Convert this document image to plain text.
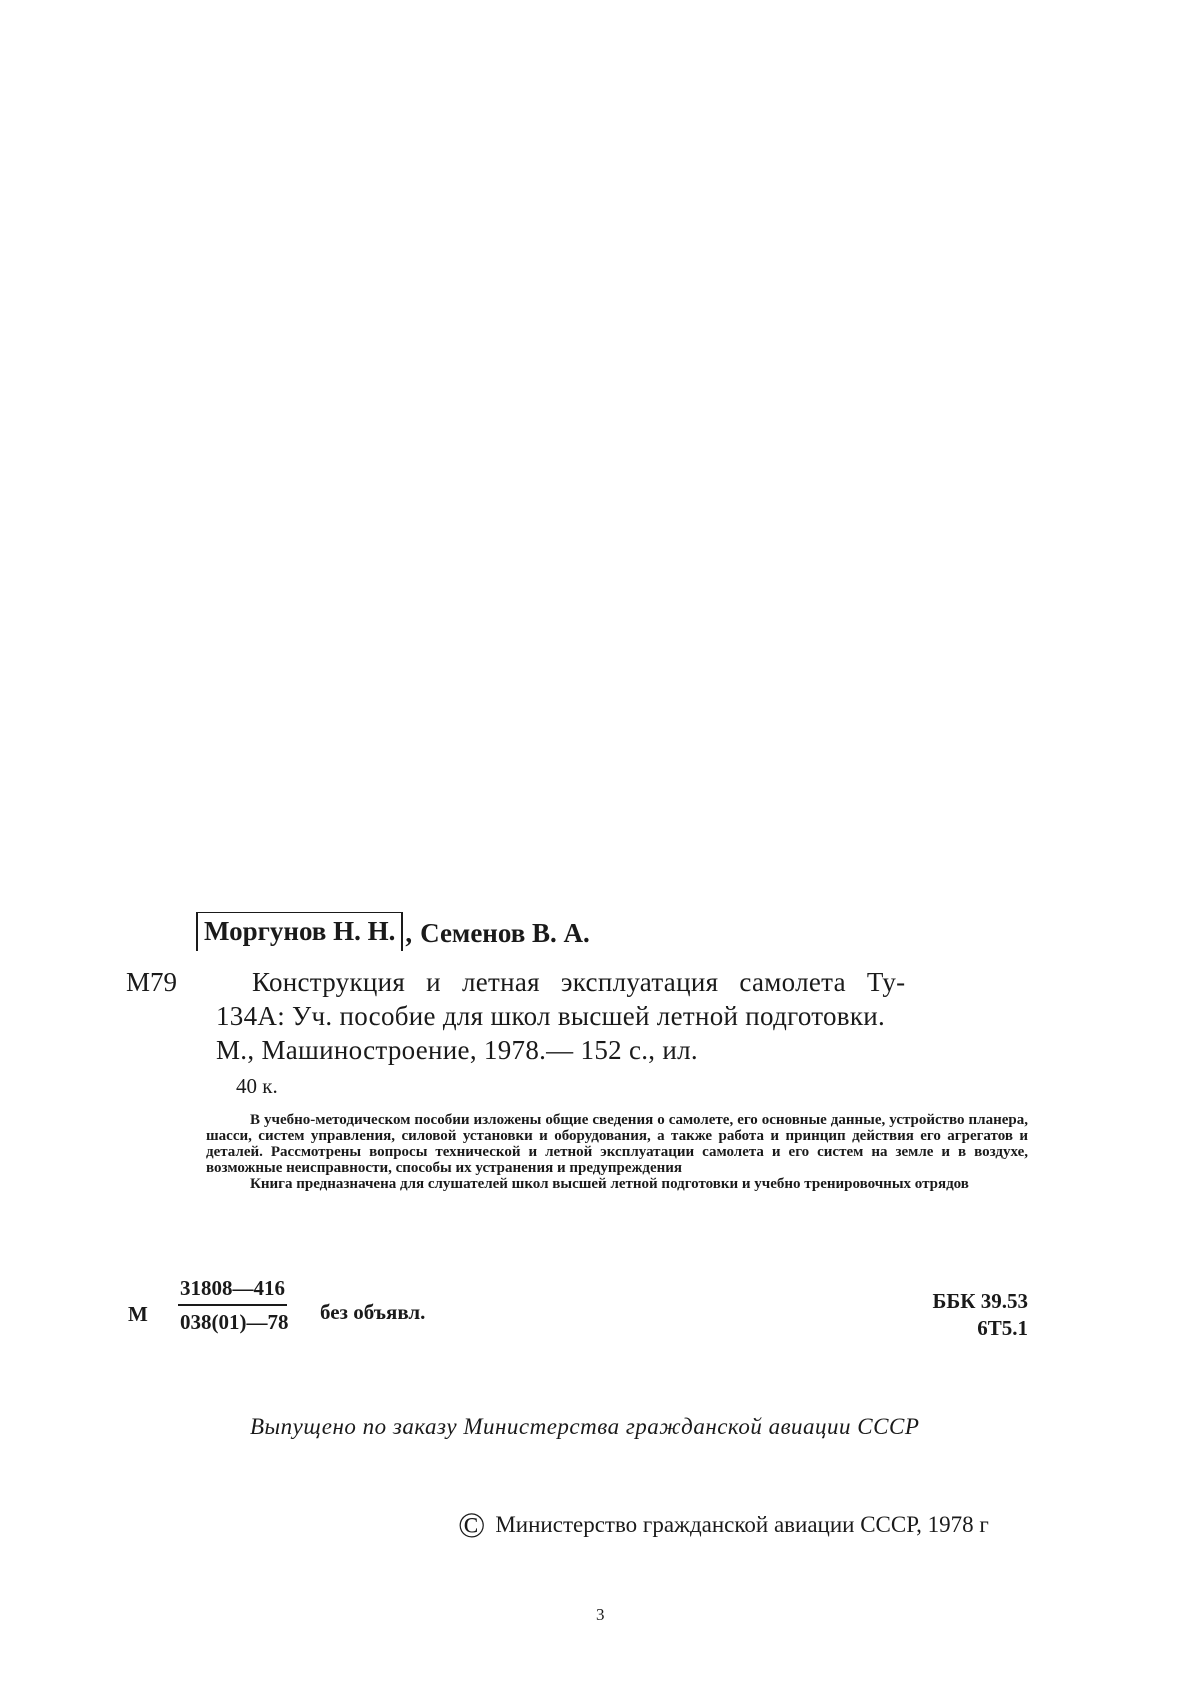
Моргунов Н. Н. , Семенов В. А.
М79	Конструкция и летная эксплуатация самолета Ту-
134А: Уч. пособие для школ высшей летной подготовки.
М., Машиностроение, 1978.— 152 с., ил.
40 к.

В учебно-методическом пособии изложены общие сведения о самолете, его основные данные, устройство планера, шасси, систем управления, силовой установки и оборудования, а также работа и принцип действия его агрегатов и деталей. Рассмотрены вопросы технической и летной эксплуатации самолета и его систем на земле и в воздухе, возможные неисправности, способы их устранения и предупреждения

Книга предназначена для слушателей школ высшей летной подготовки и учебно тренировочных отрядов

М $\frac{31808—416}{038(01)—78}$ без объявл.	ББК 39.53
6Т5.1
Выпущено по заказу Министерства гражданской авиации СССР
© Министерство гражданской авиации СССР, 1978 г
3
